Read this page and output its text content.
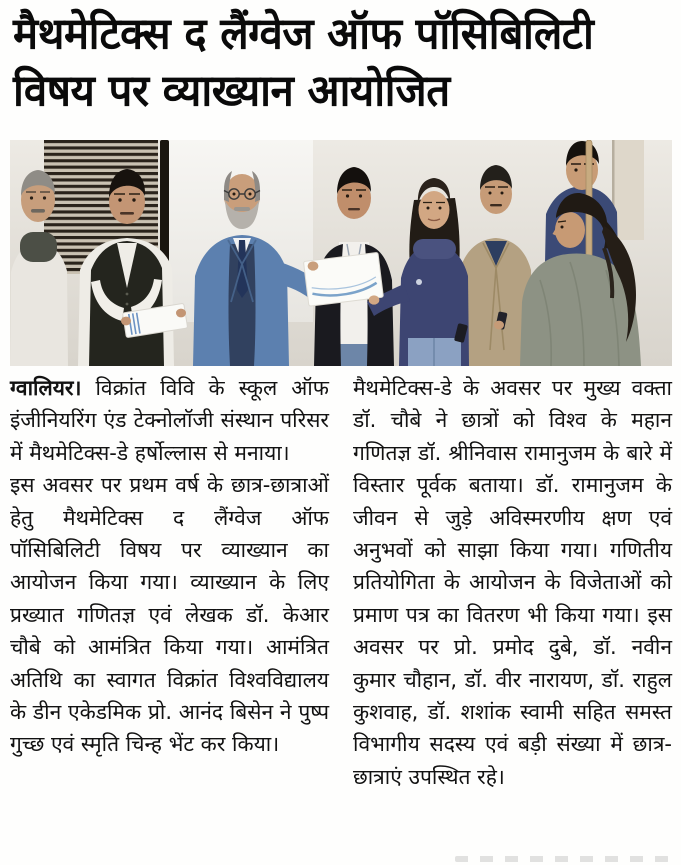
मैथमेटिक्स द लैंग्वेज ऑफ पॉसिबिलिटी
विषय पर व्याख्यान आयोजित

ग्वालियर। विक्रांत विवि के स्कूल ऑफ इंजीनियरिंग एंड टेक्नोलॉजी संस्थान परिसर में मैथमेटिक्स-डे हर्षोल्लास से मनाया।

इस अवसर पर प्रथम वर्ष के छात्र-छात्राओं हेतु मैथमेटिक्स द लैंग्वेज ऑफ पॉसिबिलिटी विषय पर व्याख्यान का आयोजन किया गया। व्याख्यान के लिए प्रख्यात गणितज्ञ एवं लेखक डॉ. केआर चौबे को आमंत्रित किया गया। आमंत्रित अतिथि का स्वागत विक्रांत विश्वविद्यालय के डीन एकेडमिक प्रो. आनंद बिसेन ने पुष्प गुच्छ एवं स्मृति चिन्ह भेंट कर किया।

मैथमेटिक्स-डे के अवसर पर मुख्य वक्ता डॉ. चौबे ने छात्रों को विश्व के महान गणितज्ञ डॉ. श्रीनिवास रामानुजम के बारे में विस्तार पूर्वक बताया। डॉ. रामानुजम के जीवन से जुड़े अविस्मरणीय क्षण एवं अनुभवों को साझा किया गया। गणितीय प्रतियोगिता के आयोजन के विजेताओं को प्रमाण पत्र का वितरण भी किया गया। इस अवसर पर प्रो. प्रमोद दुबे, डॉ. नवीन कुमार चौहान, डॉ. वीर नारायण, डॉ. राहुल कुशवाह, डॉ. शशांक स्वामी सहित समस्त विभागीय सदस्य एवं बड़ी संख्या में छात्र-छात्राएं उपस्थित रहे।
